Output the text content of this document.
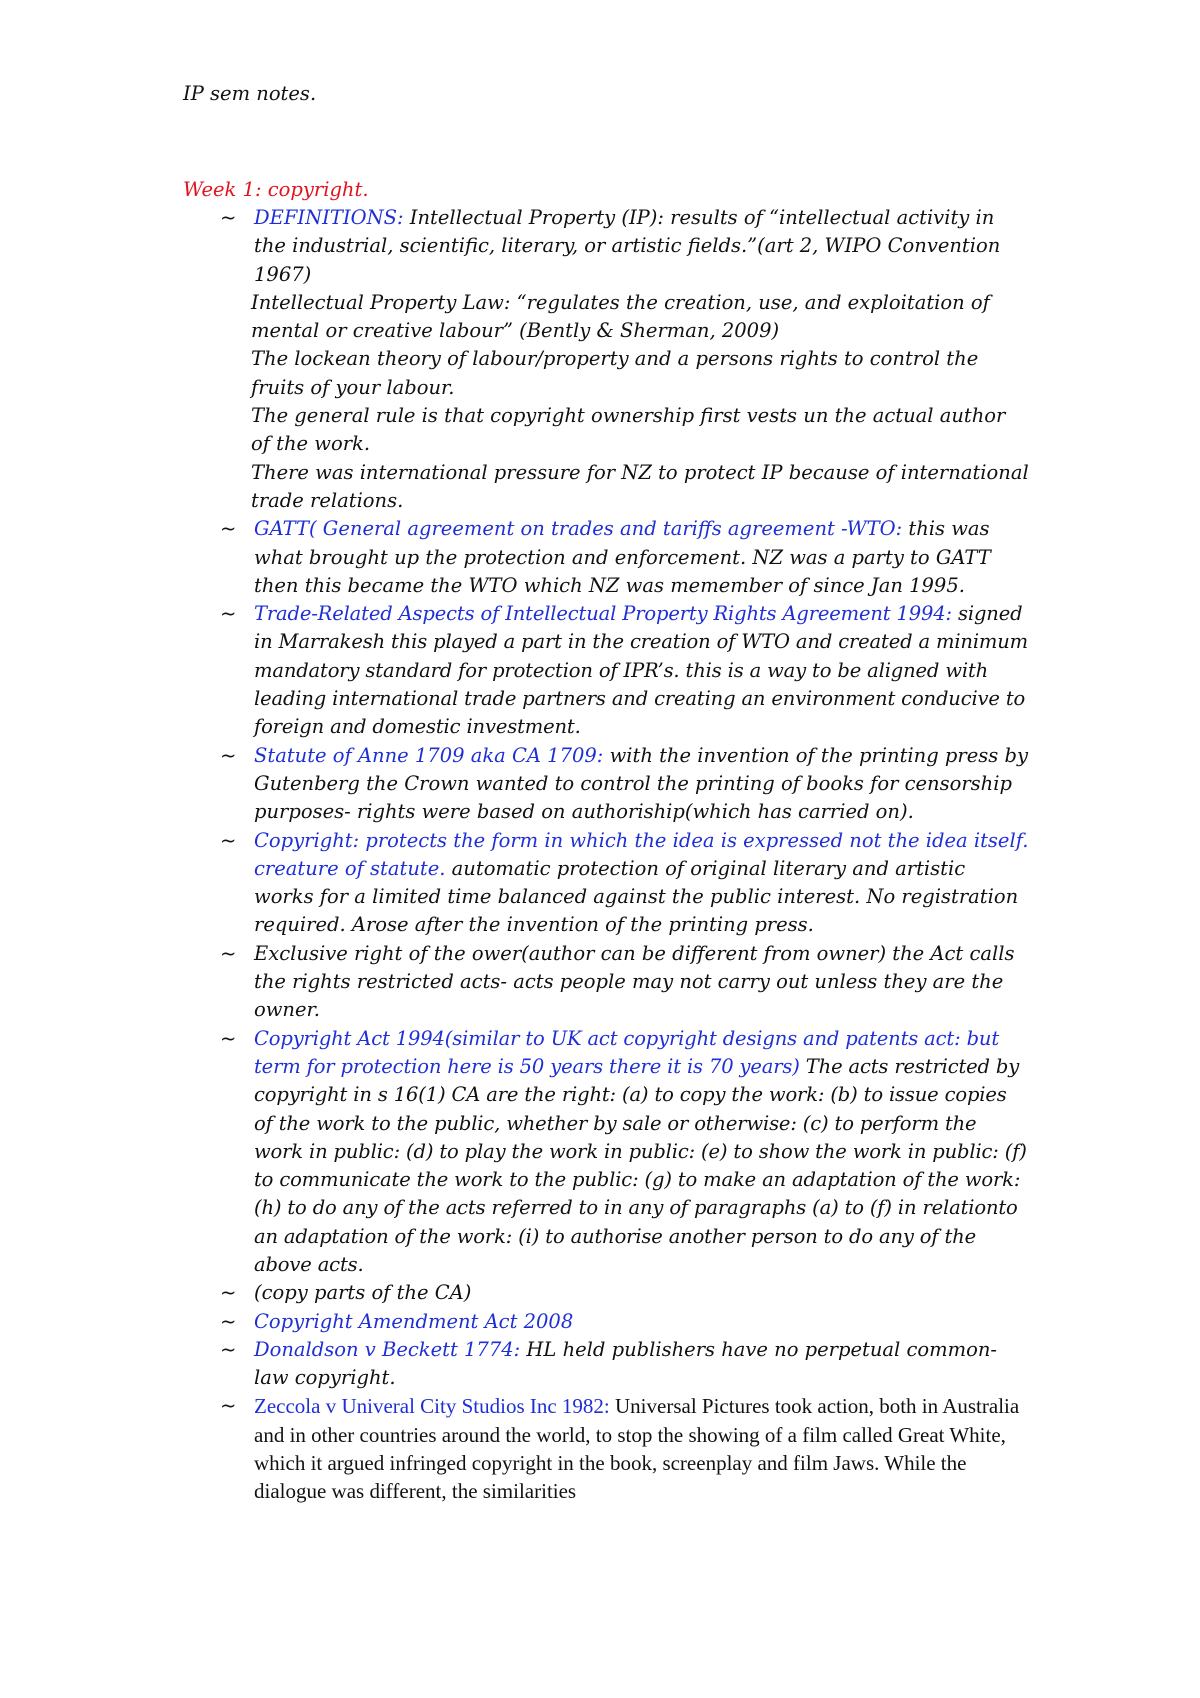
IP sem notes.
Week 1: copyright.
~ DEFINITIONS: Intellectual Property (IP): results of “intellectual activity in the industrial, scientific, literary, or artistic fields.”(art 2, WIPO Convention 1967)
Intellectual Property Law: “regulates the creation, use, and exploitation of mental or creative labour” (Bently & Sherman, 2009)
The lockean theory of labour/property and a persons rights to control the fruits of your labour.
The general rule is that copyright ownership first vests un the actual author of the work.
There was international pressure for NZ to protect IP because of international trade relations.
~ GATT( General agreement on trades and tariffs agreement -WTO: this was what brought up the protection and enforcement. NZ was a party to GATT then this became the WTO which NZ was memember of since Jan 1995.
~ Trade-Related Aspects of Intellectual Property Rights Agreement 1994: signed in Marrakesh this played a part in the creation of WTO and created a minimum mandatory standard for protection of IPR’s. this is a way to be aligned with leading international trade partners and creating an environment conducive to foreign and domestic investment.
~ Statute of Anne 1709 aka CA 1709: with the invention of the printing press by Gutenberg the Crown wanted to control the printing of books for censorship purposes- rights were based on authoriship(which has carried on).
~ Copyright: protects the form in which the idea is expressed not the idea itself. creature of statute. automatic protection of original literary and artistic works for a limited time balanced against the public interest. No registration required. Arose after the invention of the printing press.
~ Exclusive right of the ower(author can be different from owner) the Act calls the rights restricted acts- acts people may not carry out unless they are the owner.
~ Copyright Act 1994(similar to UK act copyright designs and patents act: but term for protection here is 50 years there it is 70 years) The acts restricted by copyright in s 16(1) CA are the right: (a) to copy the work: (b) to issue copies of the work to the public, whether by sale or otherwise: (c) to perform the work in public: (d) to play the work in public: (e) to show the work in public: (f) to communicate the work to the public: (g) to make an adaptation of the work: (h) to do any of the acts referred to in any of paragraphs (a) to (f) in relationto an adaptation of the work: (i) to authorise another person to do any of the above acts.
~ (copy parts of the CA)
~ Copyright Amendment Act 2008
~ Donaldson v Beckett 1774: HL held publishers have no perpetual common-law copyright.
~ Zeccola v Univeral City Studios Inc 1982: Universal Pictures took action, both in Australia and in other countries around the world, to stop the showing of a film called Great White, which it argued infringed copyright in the book, screenplay and film Jaws. While the dialogue was different, the similarities
